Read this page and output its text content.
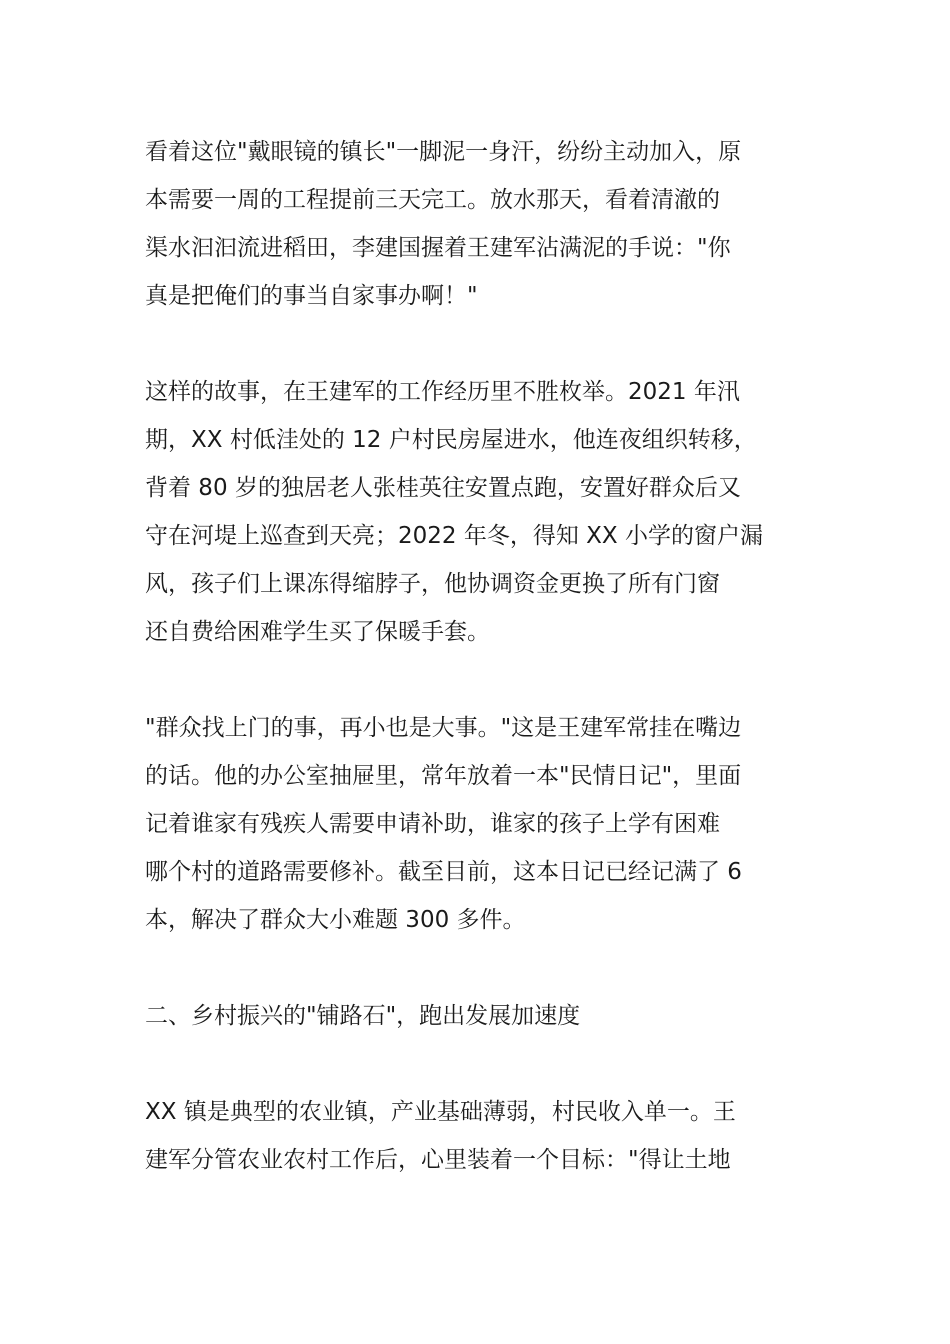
看着这位"戴眼镜的镇长"一脚泥一身汗，纷纷主动加入，原
本需要一周的工程提前三天完工。放水那天，看着清澈的
渠水汩汩流进稻田，李建国握着王建军沾满泥的手说："你
真是把俺们的事当自家事办啊！"
这样的故事，在王建军的工作经历里不胜枚举。2021 年汛
期，XX 村低洼处的 12 户村民房屋进水，他连夜组织转移，
背着 80 岁的独居老人张桂英往安置点跑，安置好群众后又
守在河堤上巡查到天亮；2022 年冬，得知 XX 小学的窗户漏
风，孩子们上课冻得缩脖子，他协调资金更换了所有门窗
还自费给困难学生买了保暖手套。
"群众找上门的事，再小也是大事。"这是王建军常挂在嘴边
的话。他的办公室抽屉里，常年放着一本"民情日记"，里面
记着谁家有残疾人需要申请补助，谁家的孩子上学有困难
哪个村的道路需要修补。截至目前，这本日记已经记满了 6
本，解决了群众大小难题 300 多件。
二、乡村振兴的"铺路石"，跑出发展加速度
XX 镇是典型的农业镇，产业基础薄弱，村民收入单一。王
建军分管农业农村工作后，心里装着一个目标："得让土地
